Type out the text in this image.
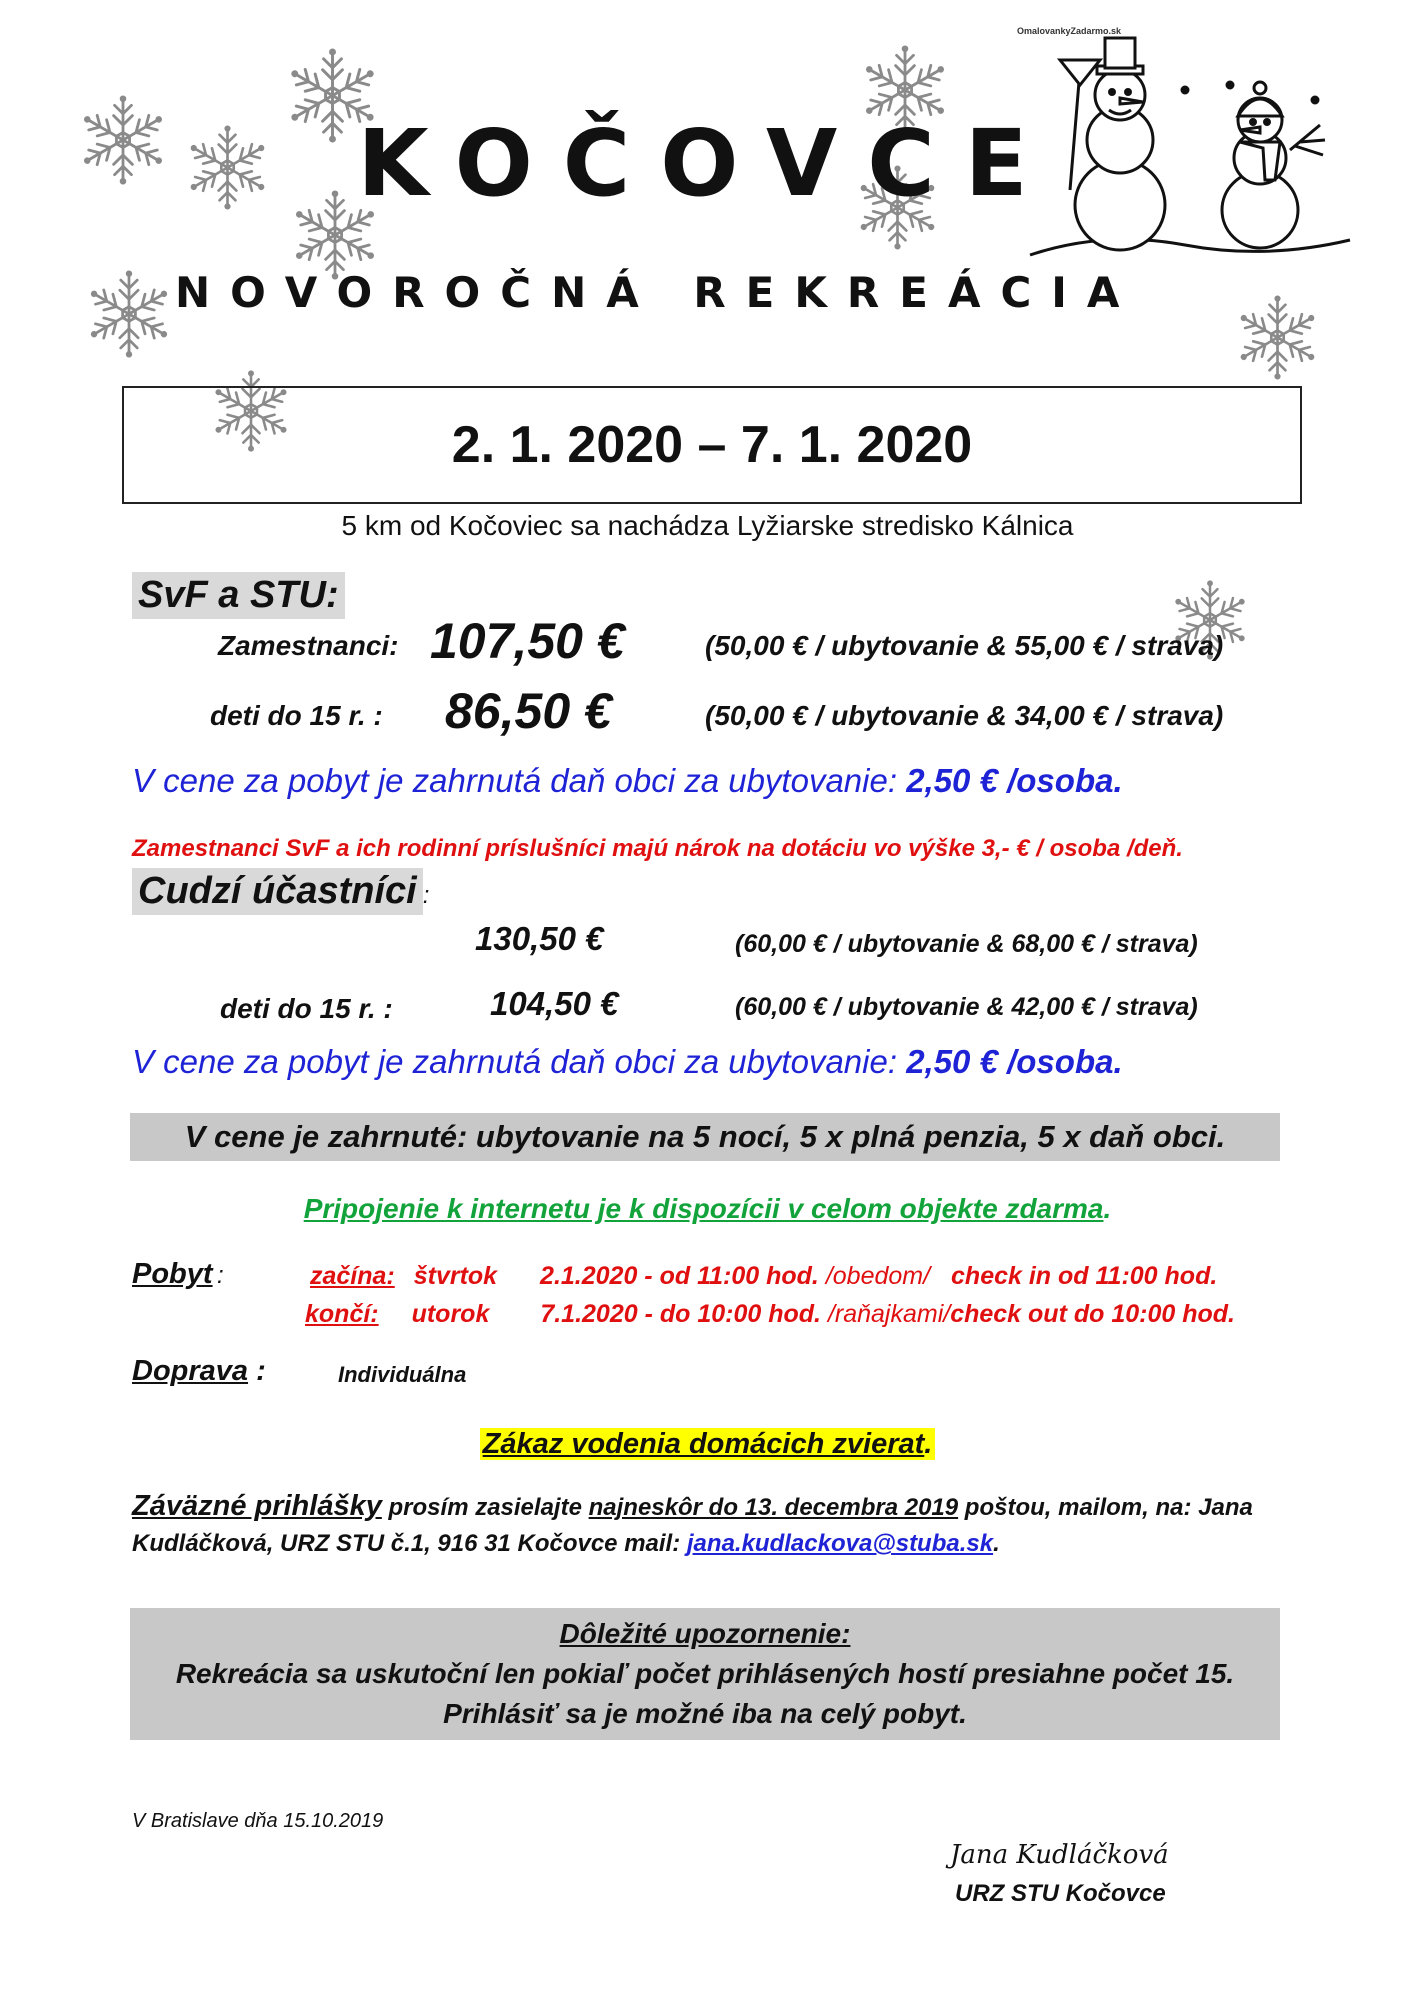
OmalovankyZadarmo.sk
KOČOVCE
NOVOROČNÁ REKREÁCIA
2. 1. 2020 – 7. 1. 2020
5 km od Kočoviec sa nachádza Lyžiarske stredisko Kálnica
SvF a STU:
Zamestnanci: 107,50 €	(50,00 € / ubytovanie & 55,00 € / strava)
deti do 15 r. : 86,50 €	(50,00 € / ubytovanie & 34,00 € / strava)
V cene za pobyt je zahrnutá daň obci za ubytovanie: 2,50 € /osoba.
Zamestnanci SvF a ich rodinní príslušníci majú nárok na dotáciu vo výške 3,- € / osoba /deň.
Cudzí účastníci :
130,50 €	(60,00 € / ubytovanie & 68,00 € / strava)
deti do 15 r. :	104,50 €	(60,00 € / ubytovanie & 42,00 € / strava)
V cene za pobyt je zahrnutá daň obci za ubytovanie: 2,50 € /osoba.
V cene je zahrnuté: ubytovanie na 5 nocí, 5 x plná penzia, 5 x daň obci.
Pripojenie k internetu je k dispozícii v celom objekte zdarma.
Pobyt :	začína: štvrtok 2.1.2020 - od 11:00 hod. /obedom/ check in od 11:00 hod.
končí: utorok 7.1.2020 - do 10:00 hod. /raňajkami/check out do 10:00 hod.
Doprava :	Individuálna
Zákaz vodenia domácich zvierat.
Záväzné prihlášky prosím zasielajte najneskôr do 13. decembra 2019 poštou, mailom, na: Jana
Kudláčková, URZ STU č.1, 916 31 Kočovce mail: jana.kudlackova@stuba.sk.
Dôležité upozornenie:
Rekreácia sa uskutoční len pokiaľ počet prihlásených hostí presiahne počet 15.
Prihlásiť sa je možné iba na celý pobyt.
V Bratislave dňa 15.10.2019
Jana Kudláčková
URZ STU Kočovce
